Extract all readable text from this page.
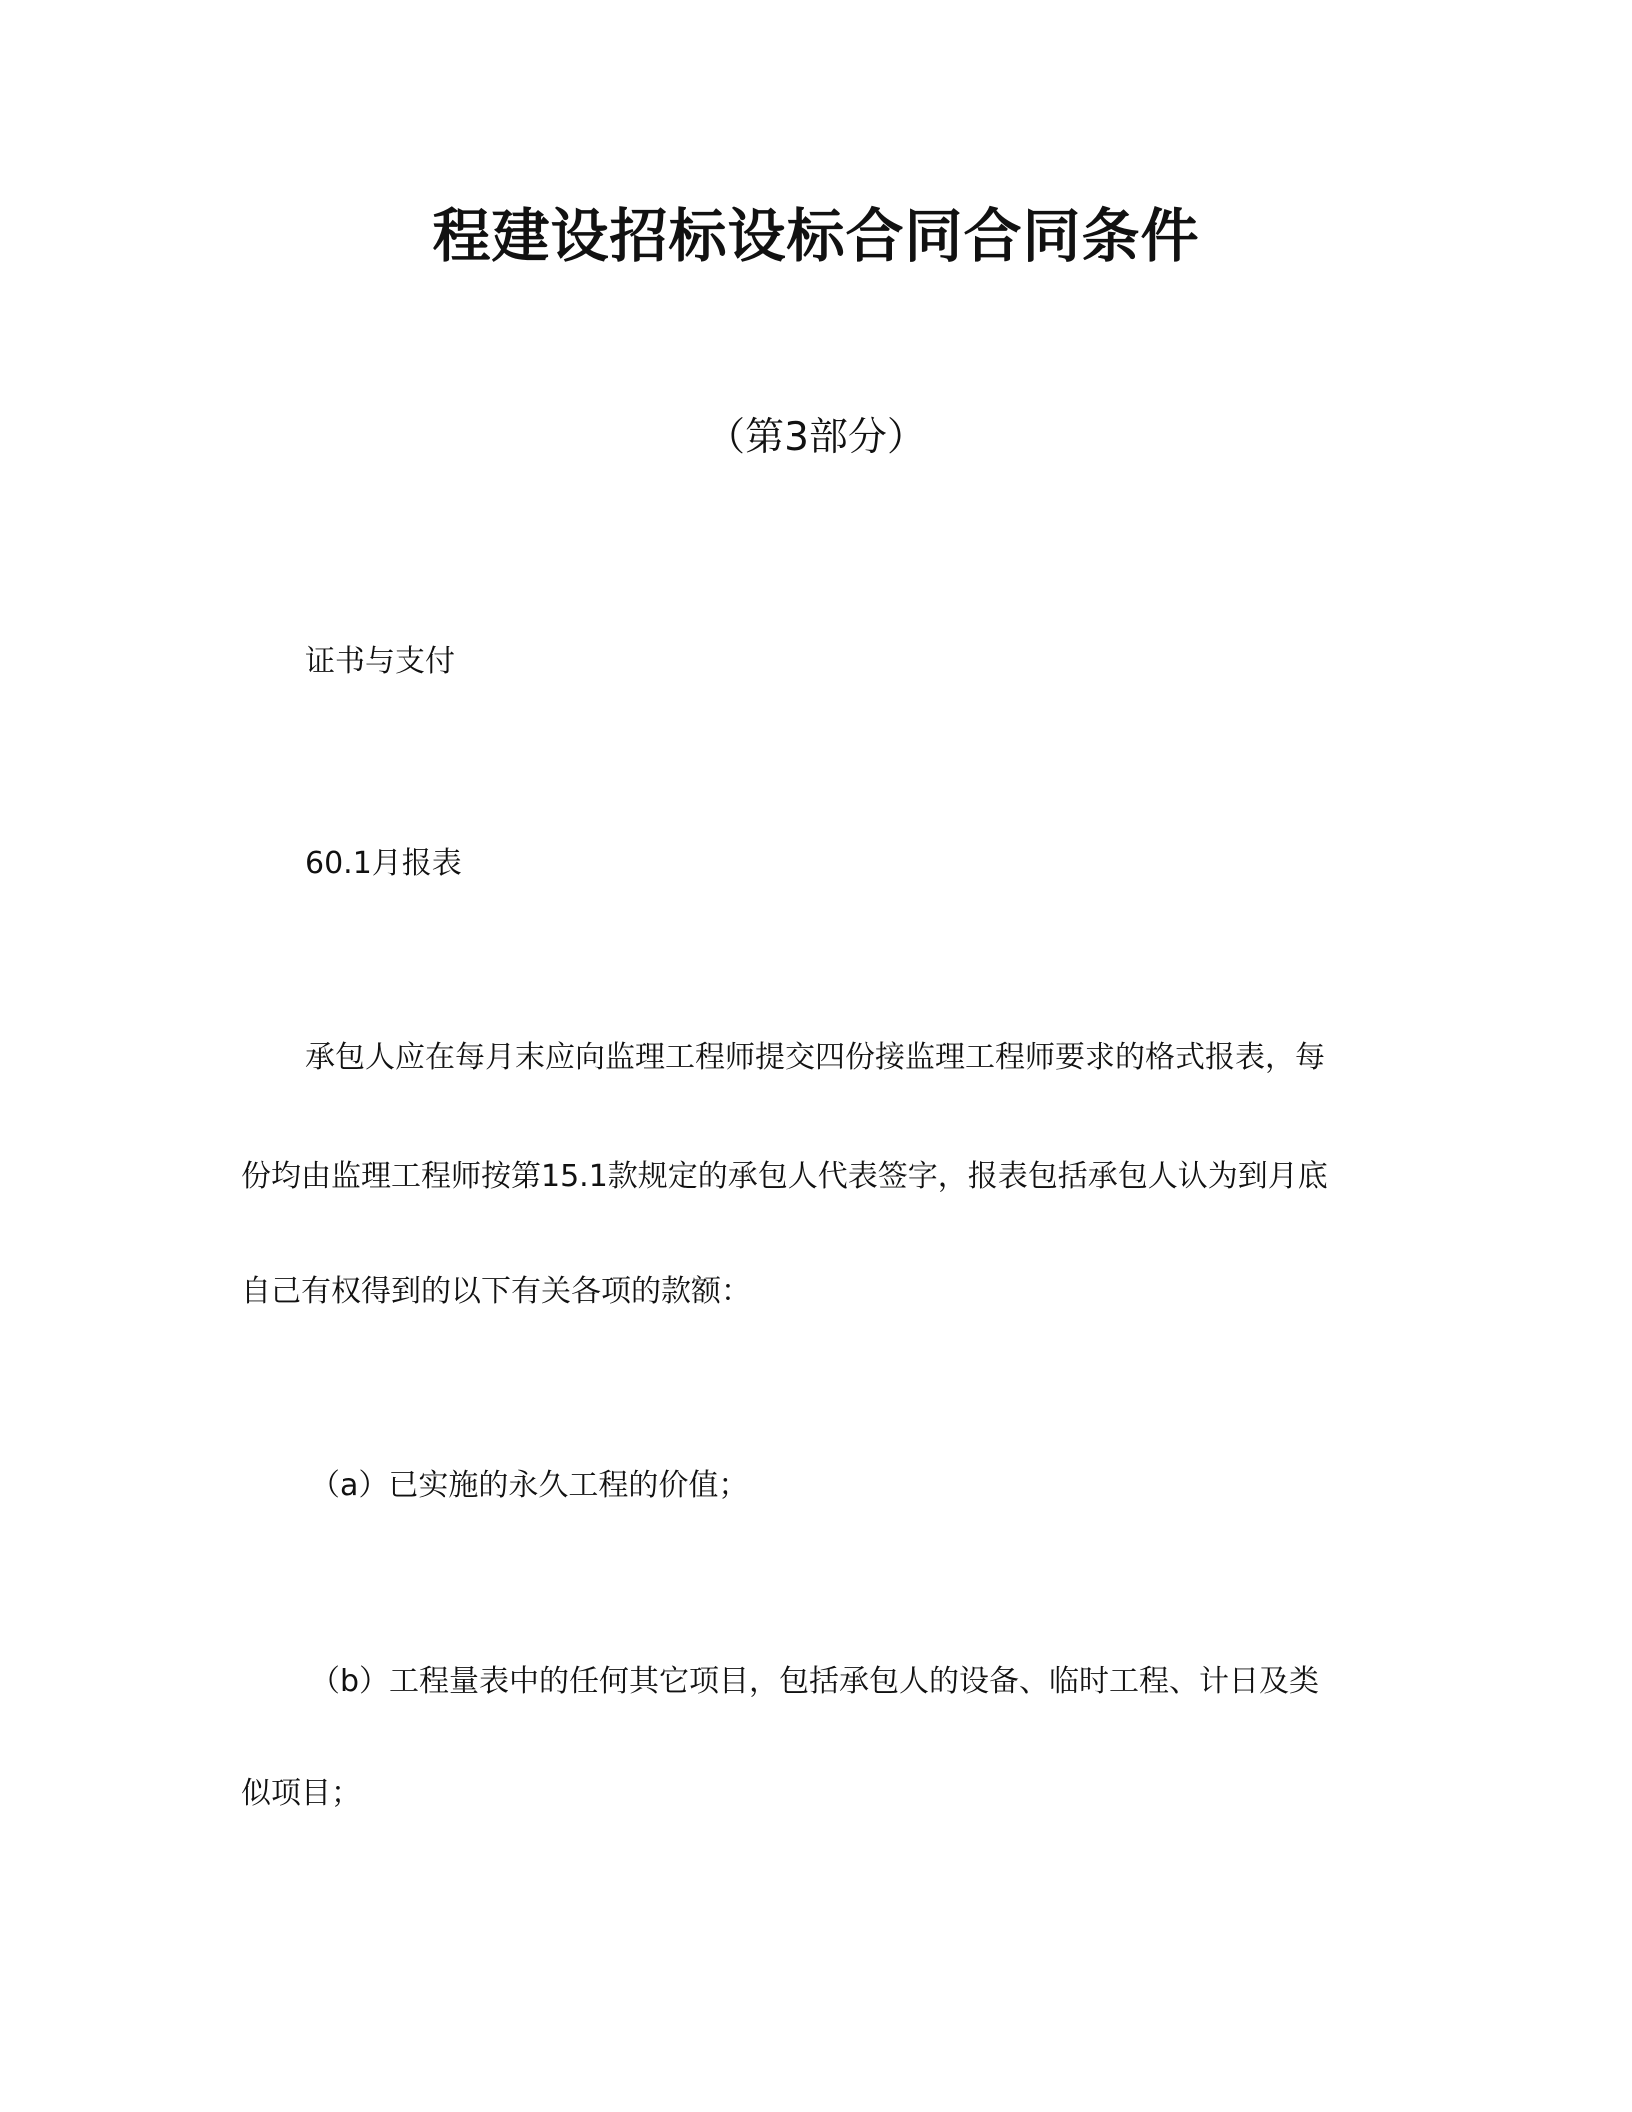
程建设招标设标合同合同条件
（第3部分）
证书与支付
60.1月报表
承包人应在每月末应向监理工程师提交四份接监理工程师要求的格式报表，每
份均由监理工程师按第15.1款规定的承包人代表签字，报表包括承包人认为到月底
自己有权得到的以下有关各项的款额：
（a）已实施的永久工程的价值；
（b）工程量表中的任何其它项目，包括承包人的设备、临时工程、计日及类
似项目；
